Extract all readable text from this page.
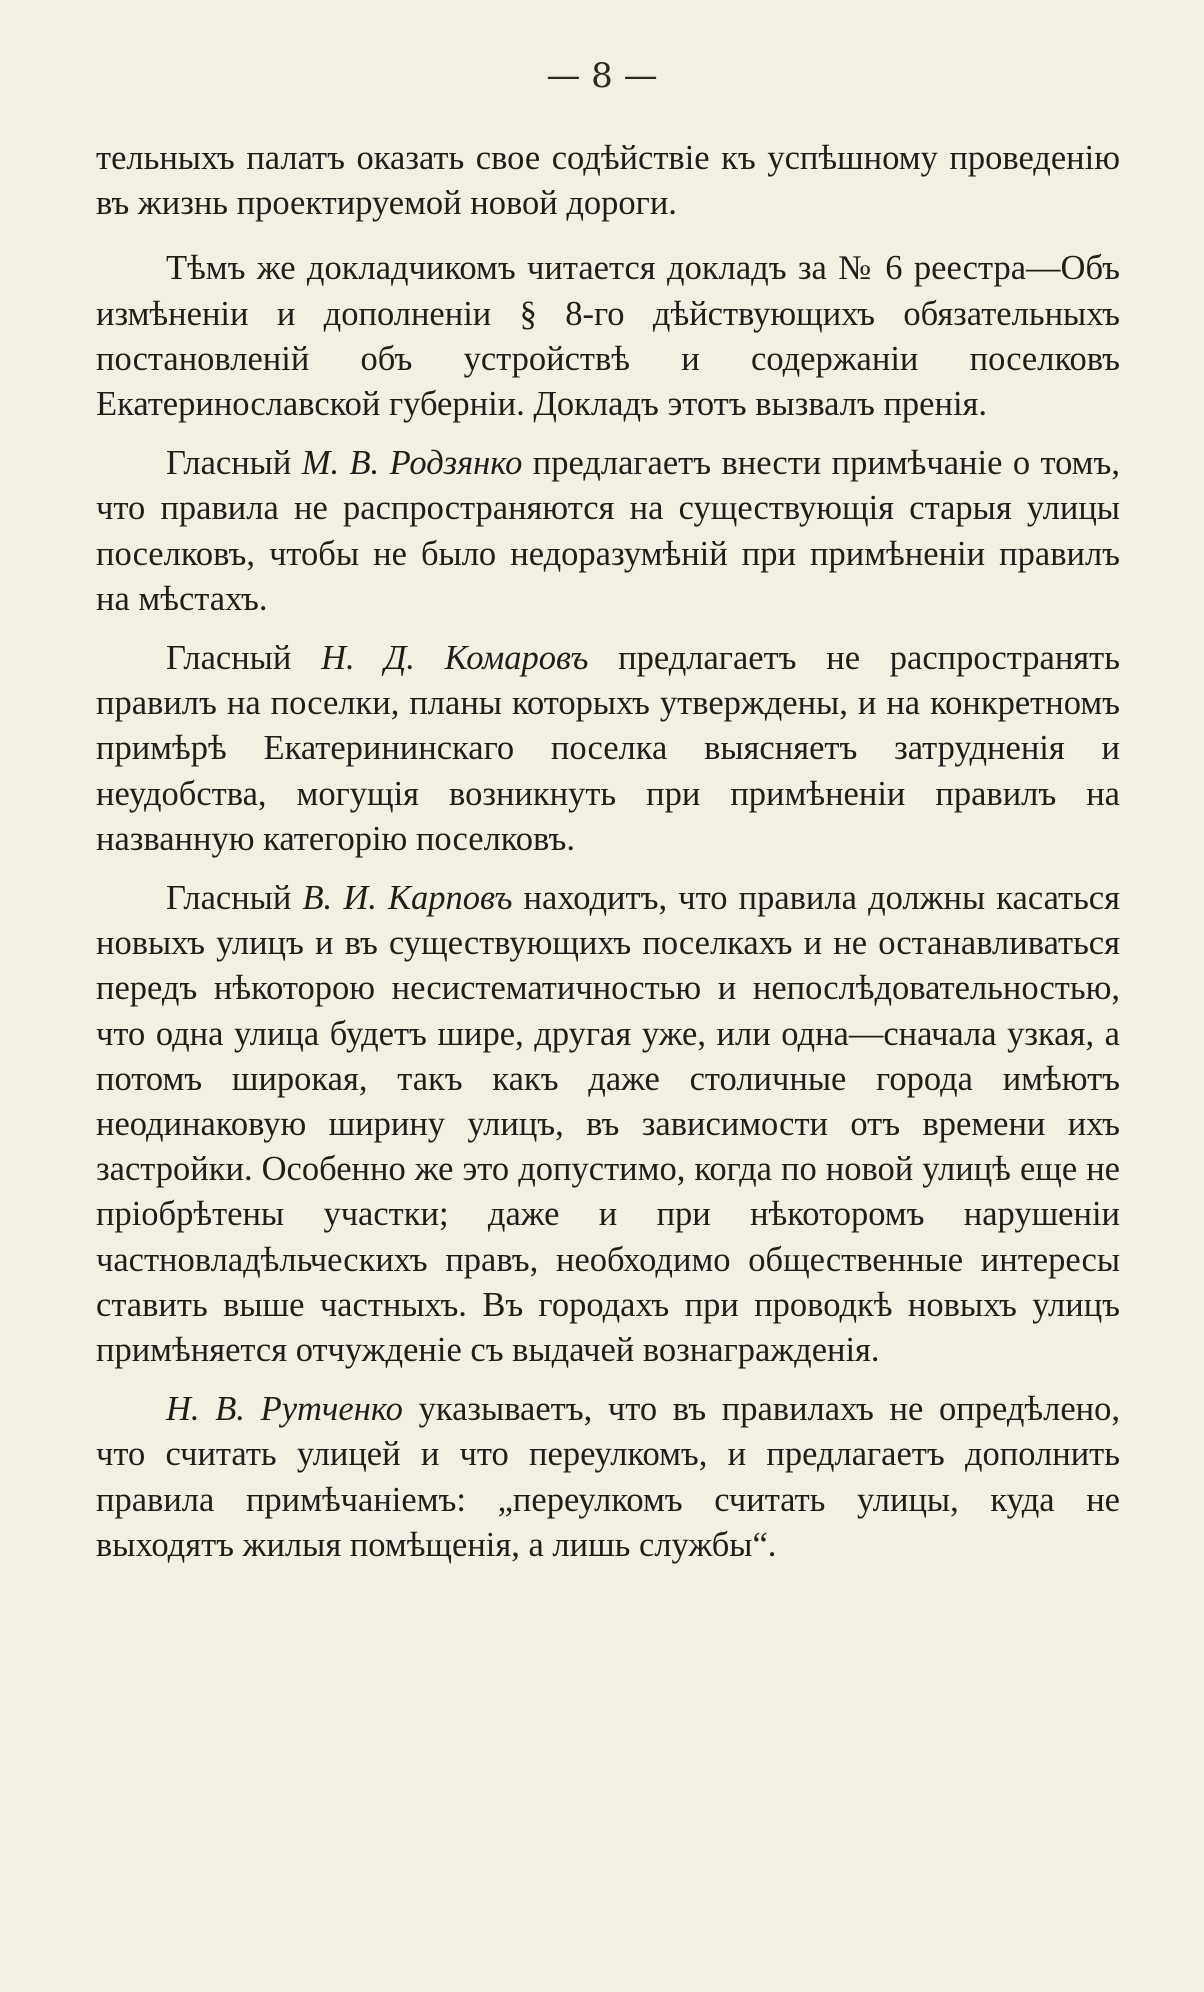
— 8 —

тельныхъ палатъ оказать свое содѣйствіе къ успѣшному проведенію въ жизнь проектируемой новой дороги.

Тѣмъ же докладчикомъ читается докладъ за № 6 реестра—Объ измѣненіи и дополненіи § 8-го дѣйствующихъ обязательныхъ постановленій объ устройствѣ и содержаніи поселковъ Екатеринославской губерніи. Докладъ этотъ вызвалъ пренія.

Гласный М. В. Родзянко предлагаетъ внести примѣчаніе о томъ, что правила не распространяются на существующія старыя улицы поселковъ, чтобы не было недоразумѣній при примѣненіи правилъ на мѣстахъ.

Гласный Н. Д. Комаровъ предлагаетъ не распространять правилъ на поселки, планы которыхъ утверждены, и на конкретномъ примѣрѣ Екатерининскаго поселка выясняетъ затрудненія и неудобства, могущія возникнуть при примѣненіи правилъ на названную категорію поселковъ.

Гласный В. И. Карповъ находитъ, что правила должны касаться новыхъ улицъ и въ существующихъ поселкахъ и не останавливаться передъ нѣкоторою несистематичностью и непослѣдовательностью, что одна улица будетъ шире, другая уже, или одна—сначала узкая, а потомъ широкая, такъ какъ даже столичные города имѣютъ неодинаковую ширину улицъ, въ зависимости отъ времени ихъ застройки. Особенно же это допустимо, когда по новой улицѣ еще не пріобрѣтены участки; даже и при нѣкоторомъ нарушеніи частновладѣльческихъ правъ, необходимо общественные интересы ставить выше частныхъ. Въ городахъ при проводкѣ новыхъ улицъ примѣняется отчужденіе съ выдачей вознагражденія.

Н. В. Рутченко указываетъ, что въ правилахъ не опредѣлено, что считать улицей и что переулкомъ, и предлагаетъ дополнить правила примѣчаніемъ: „переулкомъ считать улицы, куда не выходятъ жилыя помѣщенія, а лишь службы“.
